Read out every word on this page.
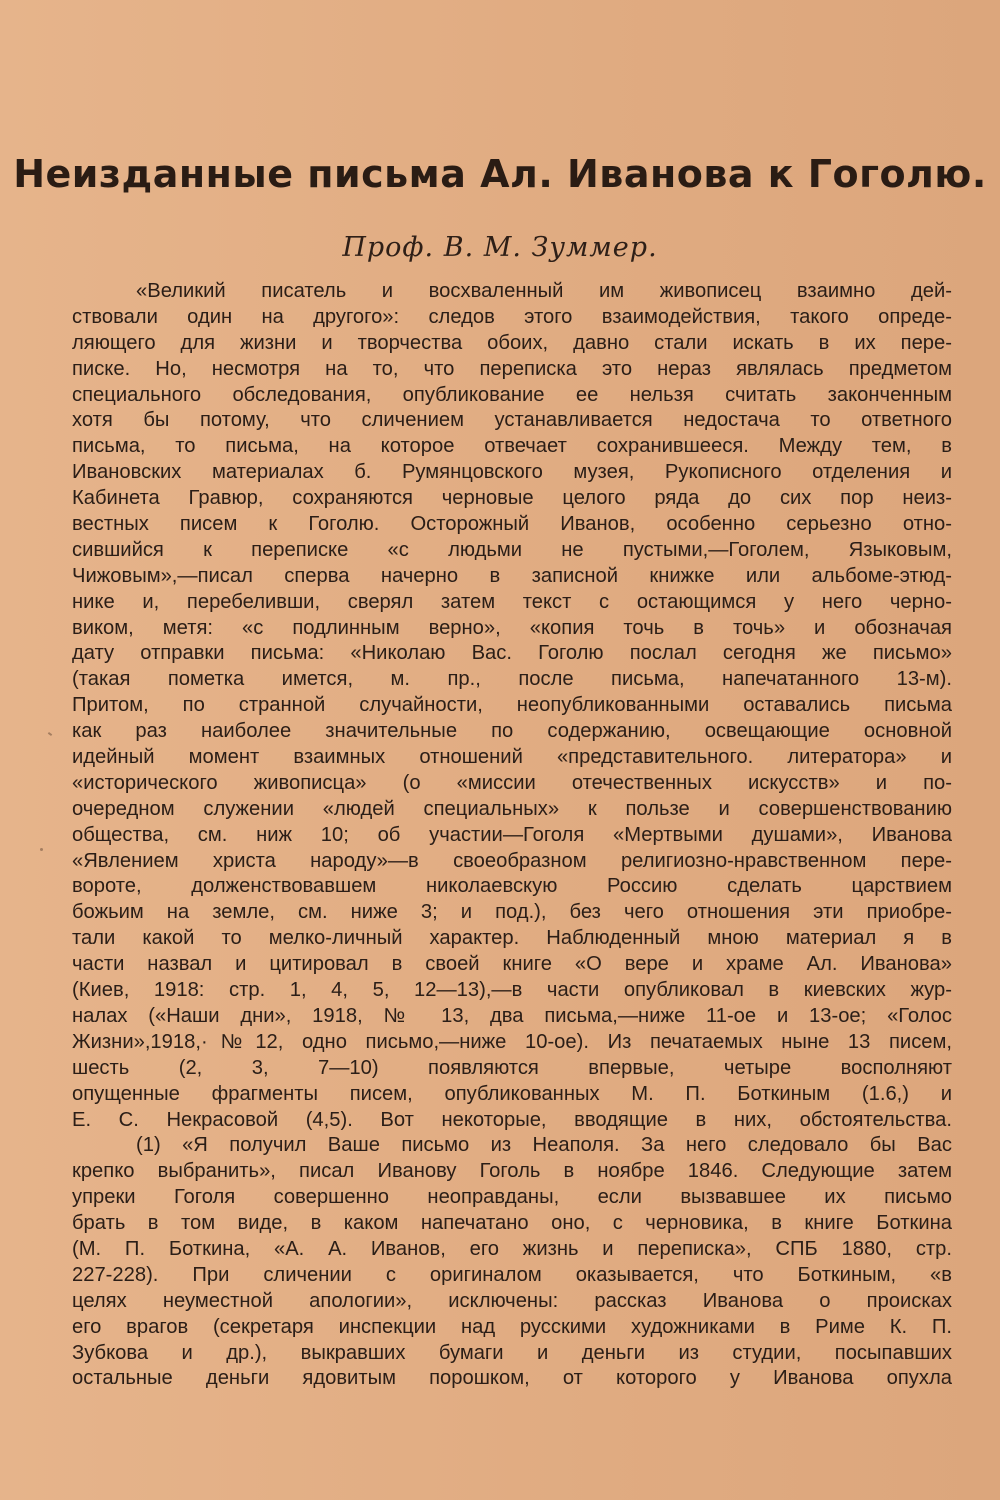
Неизданные письма Ал. Иванова к Гоголю.
Проф. В. М. Зуммер.
«Великий писатель и восхваленный им живописец взаимно дей-
ствовали один на другого»: следов этого взаимодействия, такого опреде-
ляющего для жизни и творчества обоих, давно стали искать в их пере-
писке. Но, несмотря на то, что переписка это неpаз являлась предметом
специального обследования, опубликование ее нельзя считать законченным
хотя бы потому, что сличением устанавливается недостача то ответного
письма, то письма, на которое отвечает сохранившееся. Между тем, в
Ивановских материалах б. Румянцовского музея, Рукописного отделения и
Кабинета Гравюр, сохраняются черновые целого ряда до сих пор неиз-
вестных писем к Гоголю. Осторожный Иванов, особенно серьезно отно-
сившийся к переписке «с людьми не пустыми,—Гоголем, Языковым,
Чижовым»,—писал сперва начерно в записной книжке или альбоме-этюд-
нике и, перебеливши, сверял затем текст с остающимся у него черно-
виком, метя: «с подлинным верно», «копия точь в точь» и обозначая
дату отправки письма: «Николаю Вас. Гоголю послал сегодня же письмо»
(такая пометка имется, м. пр., после письма, напечатанного 13-м).
Притом, по странной случайности, неопубликованными оставались письма
как раз наиболее значительные по содержанию, освещающие основной
идейный момент взаимных отношений «представительного. литератора» и
«исторического живописца» (о «миссии отечественных искусств» и по-
очередном служении «людей специальных» к пользе и совершенствованию
общества, см. ниж 10; об участии—Гоголя «Мертвыми душами», Иванова
«Явлением христа народу»—в своеобразном религиозно-нравственном пере-
вороте, долженствовавшем николаевскую Россию сделать царствием
божьим на земле, см. ниже 3; и под.), без чего отношения эти приобре-
тали какой то мелко-личный характер. Наблюденный мною материал я в
части назвал и цитировал в своей книге «О вере и храме Ал. Иванова»
(Киев, 1918: стр. 1, 4, 5, 12—13),—в части опубликовал в киевских жур-
налах («Наши дни», 1918, № 13, два письма,—ниже 11-ое и 13-ое; «Голос
Жизни»,1918,·№12, одно письмо,—ниже 10-ое). Из печатаемых ныне 13 писем,
шесть (2, 3, 7—10) появляются впервые, четыре восполняют
опущенные фрагменты писем, опубликованных М. П. Боткиным (1.6,) и
Е. С. Некрасовой (4,5). Вот некоторые, вводящие в них, обстоятельства.
(1) «Я получил Ваше письмо из Неаполя. За него следовало бы Вас
крепко выбранить», писал Иванову Гоголь в ноябре 1846. Следующие затем
упреки Гоголя совершенно неоправданы, если вызвавшее их письмо
брать в том виде, в каком напечатано оно, с черновика, в книге Боткина
(М. П. Боткина, «А. А. Иванов, его жизнь и переписка», СПБ 1880, стр.
227-228). При сличении с оригиналом оказывается, что Боткиным, «в
целях неуместной апологии», исключены: рассказ Иванова о происках
его врагов (секретаря инспекции над русскими художниками в Риме К. П.
Зубкова и др.), выкравших бумаги и деньги из студии, посыпавших
остальные деньги ядовитым порошком, от которого у Иванова опухла
